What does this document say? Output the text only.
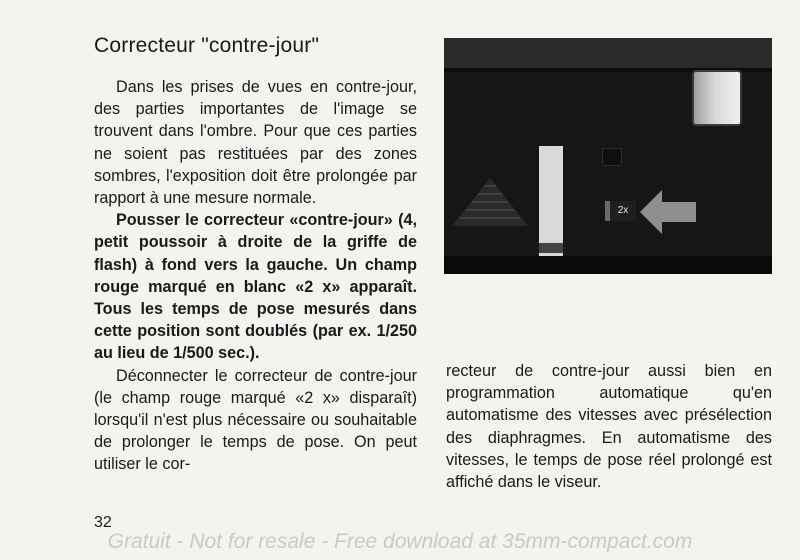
Correcteur "contre-jour"

Dans les prises de vues en contre-jour, des parties importantes de l'image se trouvent dans l'ombre. Pour que ces parties ne soient pas restituées par des zones sombres, l'exposition doit être prolongée par rapport à une mesure normale.

Pousser le correcteur «contre-jour» (4, petit poussoir à droite de la griffe de flash) à fond vers la gauche. Un champ rouge marqué en blanc «2 x» apparaît. Tous les temps de pose mesurés dans cette position sont doublés (par ex. 1/250 au lieu de 1/500 sec.).

Déconnecter le correcteur de contre-jour (le champ rouge marqué «2 x» disparaît) lorsqu'il n'est plus nécessaire ou souhaitable de prolonger le temps de pose. On peut utiliser le cor-

2x

recteur de contre-jour aussi bien en programmation automatique qu'en automatisme des vitesses avec présélection des diaphragmes. En automatisme des vitesses, le temps de pose réel prolongé est affiché dans le viseur.

32
Gratuit - Not for resale - Free download at 35mm-compact.com
